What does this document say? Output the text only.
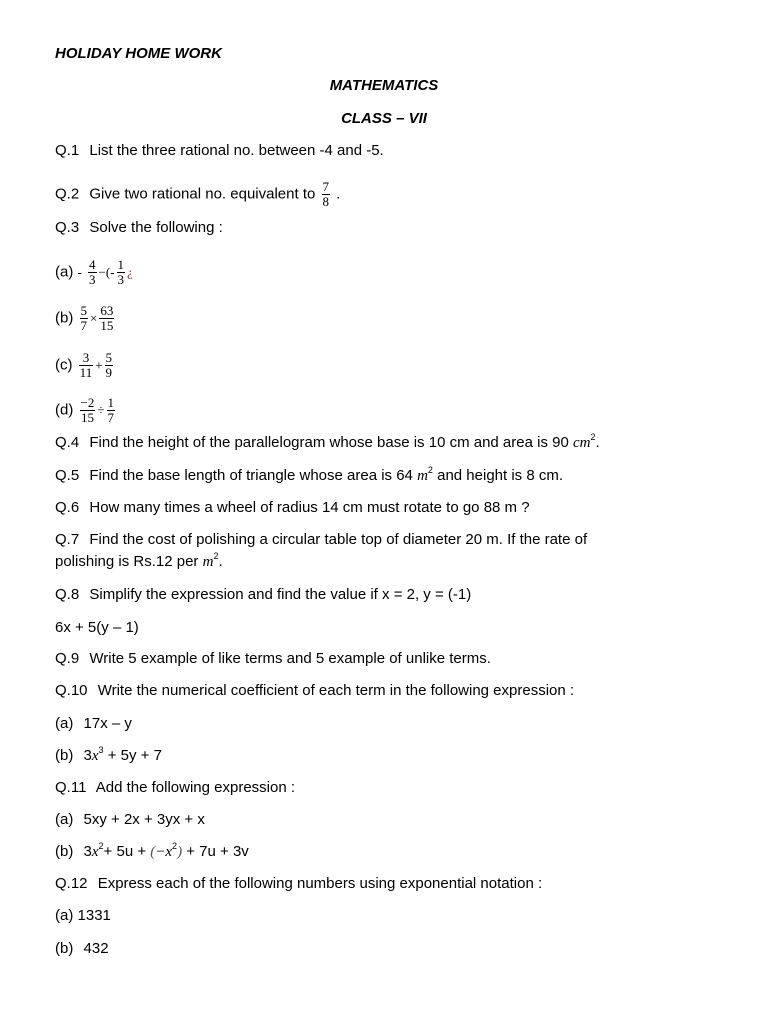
HOLIDAY HOME WORK
MATHEMATICS
CLASS – VII
Q.1 List the three rational no. between -4 and -5.
Q.2 Give two rational no. equivalent to $\frac{7}{8}$ .
Q.3 Solve the following :
$(a) - \frac{4}{3}$ −(- $\frac{1}{3}$ ¿
$(b) \frac{5}{7} \times \frac{63}{15}$
$(c) \frac{3}{11} + \frac{5}{9}$
$(d) \frac{-2}{15} \div \frac{1}{7}$
Q.4 Find the height of the parallelogram whose base is 10 cm and area is 90 $cm^2$.
Q.5 Find the base length of triangle whose area is 64 $m^2$ and height is 8 cm.
Q.6 How many times a wheel of radius 14 cm must rotate to go 88 m ?
Q.7 Find the cost of polishing a circular table top of diameter 20 m. If the rate of
polishing is Rs.12 per $m^2$.
Q.8 Simplify the expression and find the value if x = 2, y = (-1)
6x + 5(y – 1)
Q.9 Write 5 example of like terms and 5 example of unlike terms.
Q.10 Write the numerical coefficient of each term in the following expression :
(a) 17x – y
(b) $3x^3 + 5y + 7$
Q.11 Add the following expression :
(a) 5xy + 2x + 3yx + x
(b) $3x^2+ 5u + (-x^2) + 7u + 3v$
Q.12 Express each of the following numbers using exponential notation :
(a) 1331
(b) 432
